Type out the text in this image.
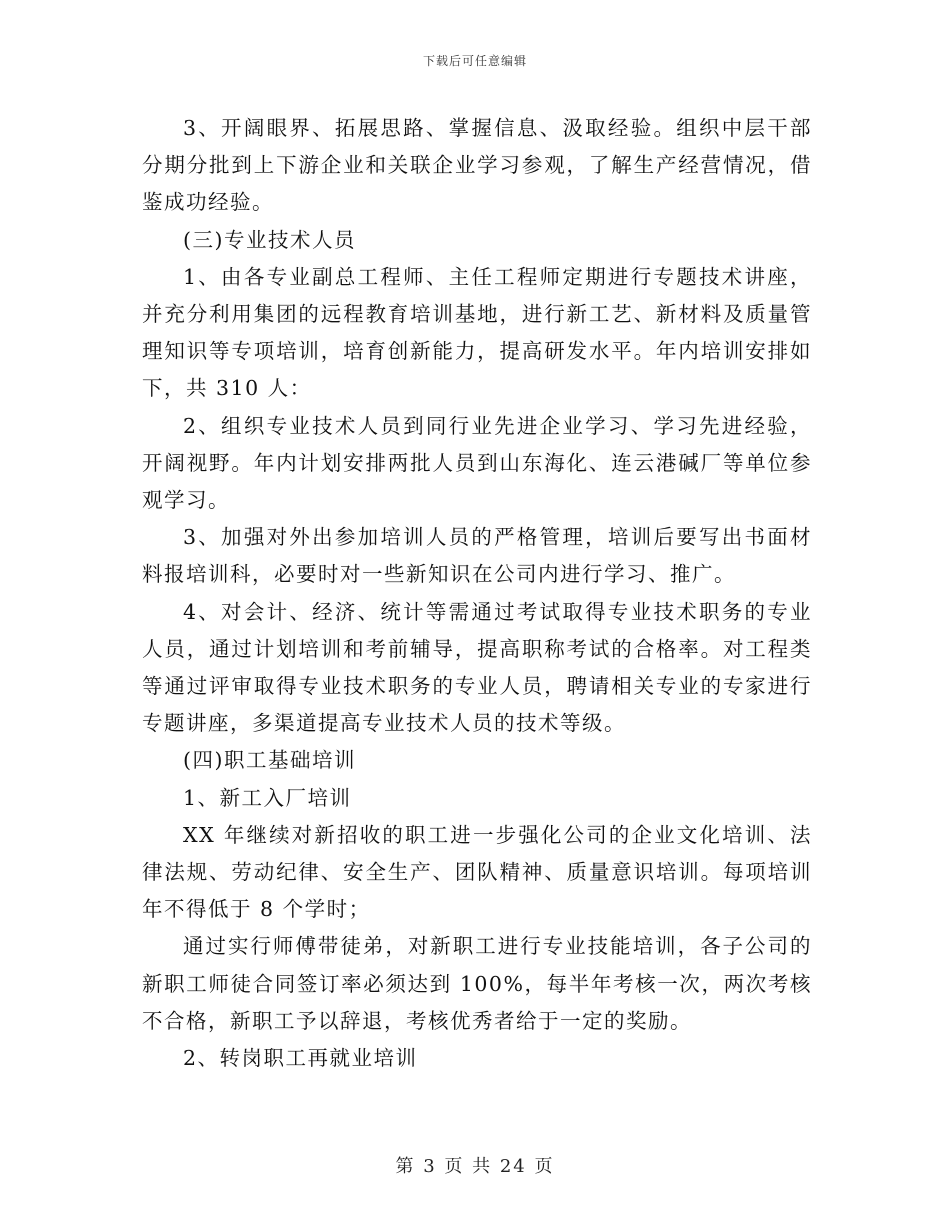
下载后可任意编辑

3、开阔眼界、拓展思路、掌握信息、汲取经验。组织中层干部分期分批到上下游企业和关联企业学习参观，了解生产经营情况，借鉴成功经验。

(三)专业技术人员

1、由各专业副总工程师、主任工程师定期进行专题技术讲座，并充分利用集团的远程教育培训基地，进行新工艺、新材料及质量管理知识等专项培训，培育创新能力，提高研发水平。年内培训安排如下，共 310 人：

2、组织专业技术人员到同行业先进企业学习、学习先进经验，开阔视野。年内计划安排两批人员到山东海化、连云港碱厂等单位参观学习。

3、加强对外出参加培训人员的严格管理，培训后要写出书面材料报培训科，必要时对一些新知识在公司内进行学习、推广。

4、对会计、经济、统计等需通过考试取得专业技术职务的专业人员，通过计划培训和考前辅导，提高职称考试的合格率。对工程类等通过评审取得专业技术职务的专业人员，聘请相关专业的专家进行专题讲座，多渠道提高专业技术人员的技术等级。

(四)职工基础培训

1、新工入厂培训

XX 年继续对新招收的职工进一步强化公司的企业文化培训、法律法规、劳动纪律、安全生产、团队精神、质量意识培训。每项培训年不得低于 8 个学时；

通过实行师傅带徒弟，对新职工进行专业技能培训，各子公司的新职工师徒合同签订率必须达到 100%，每半年考核一次，两次考核不合格，新职工予以辞退，考核优秀者给于一定的奖励。

2、转岗职工再就业培训

第 3 页 共 24 页
